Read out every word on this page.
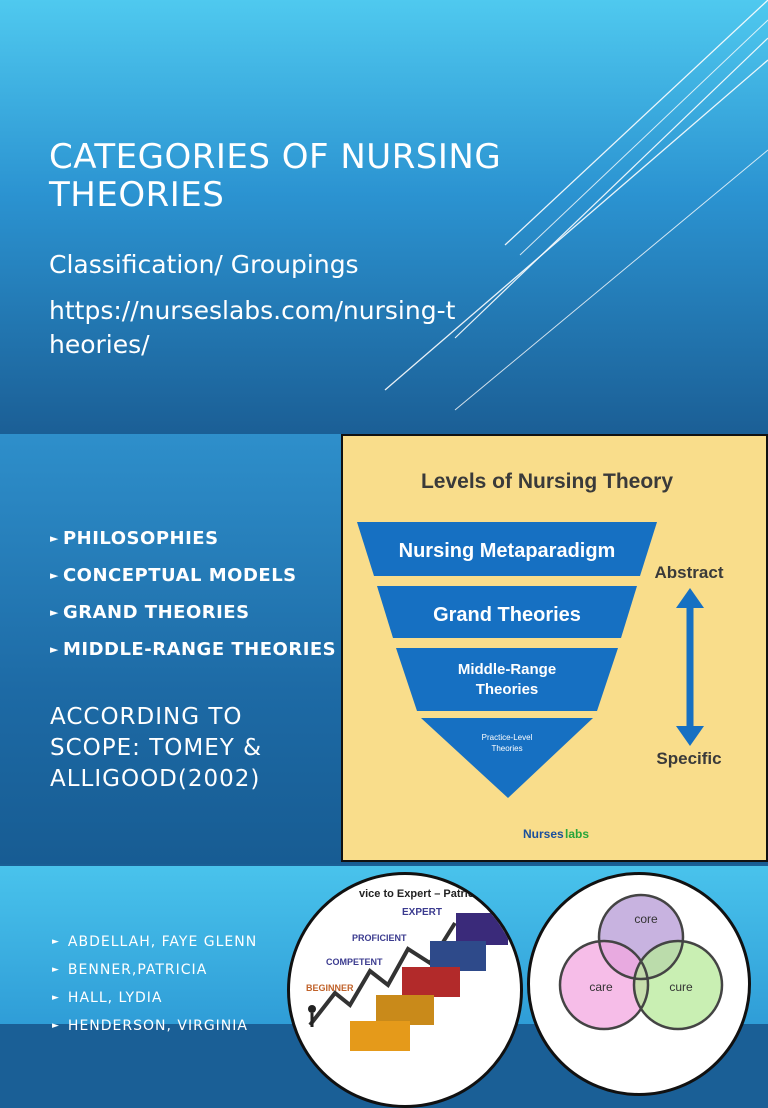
CATEGORIES OF NURSING THEORIES

Classification/ Groupings

https://nurseslabs.com/nursing-theories/

► PHILOSOPHIES
► CONCEPTUAL MODELS
► GRAND THEORIES
► MIDDLE-RANGE THEORIES

ACCORDING TO SCOPE: TOMEY & ALLIGOOD(2002)

Levels of Nursing Theory
Nursing Metaparadigm
Grand Theories
Middle-Range
Theories
Practice-Level
Theories
Abstract
Specific
Nurses labs
► ABDELLAH, FAYE GLENN
► BENNER,PATRICIA
► HALL, LYDIA
► HENDERSON, VIRGINIA
vice to Expert – Patrici
EXPERT
PROFICIENT
COMPETENT
BEGINNER
core
care	cure
